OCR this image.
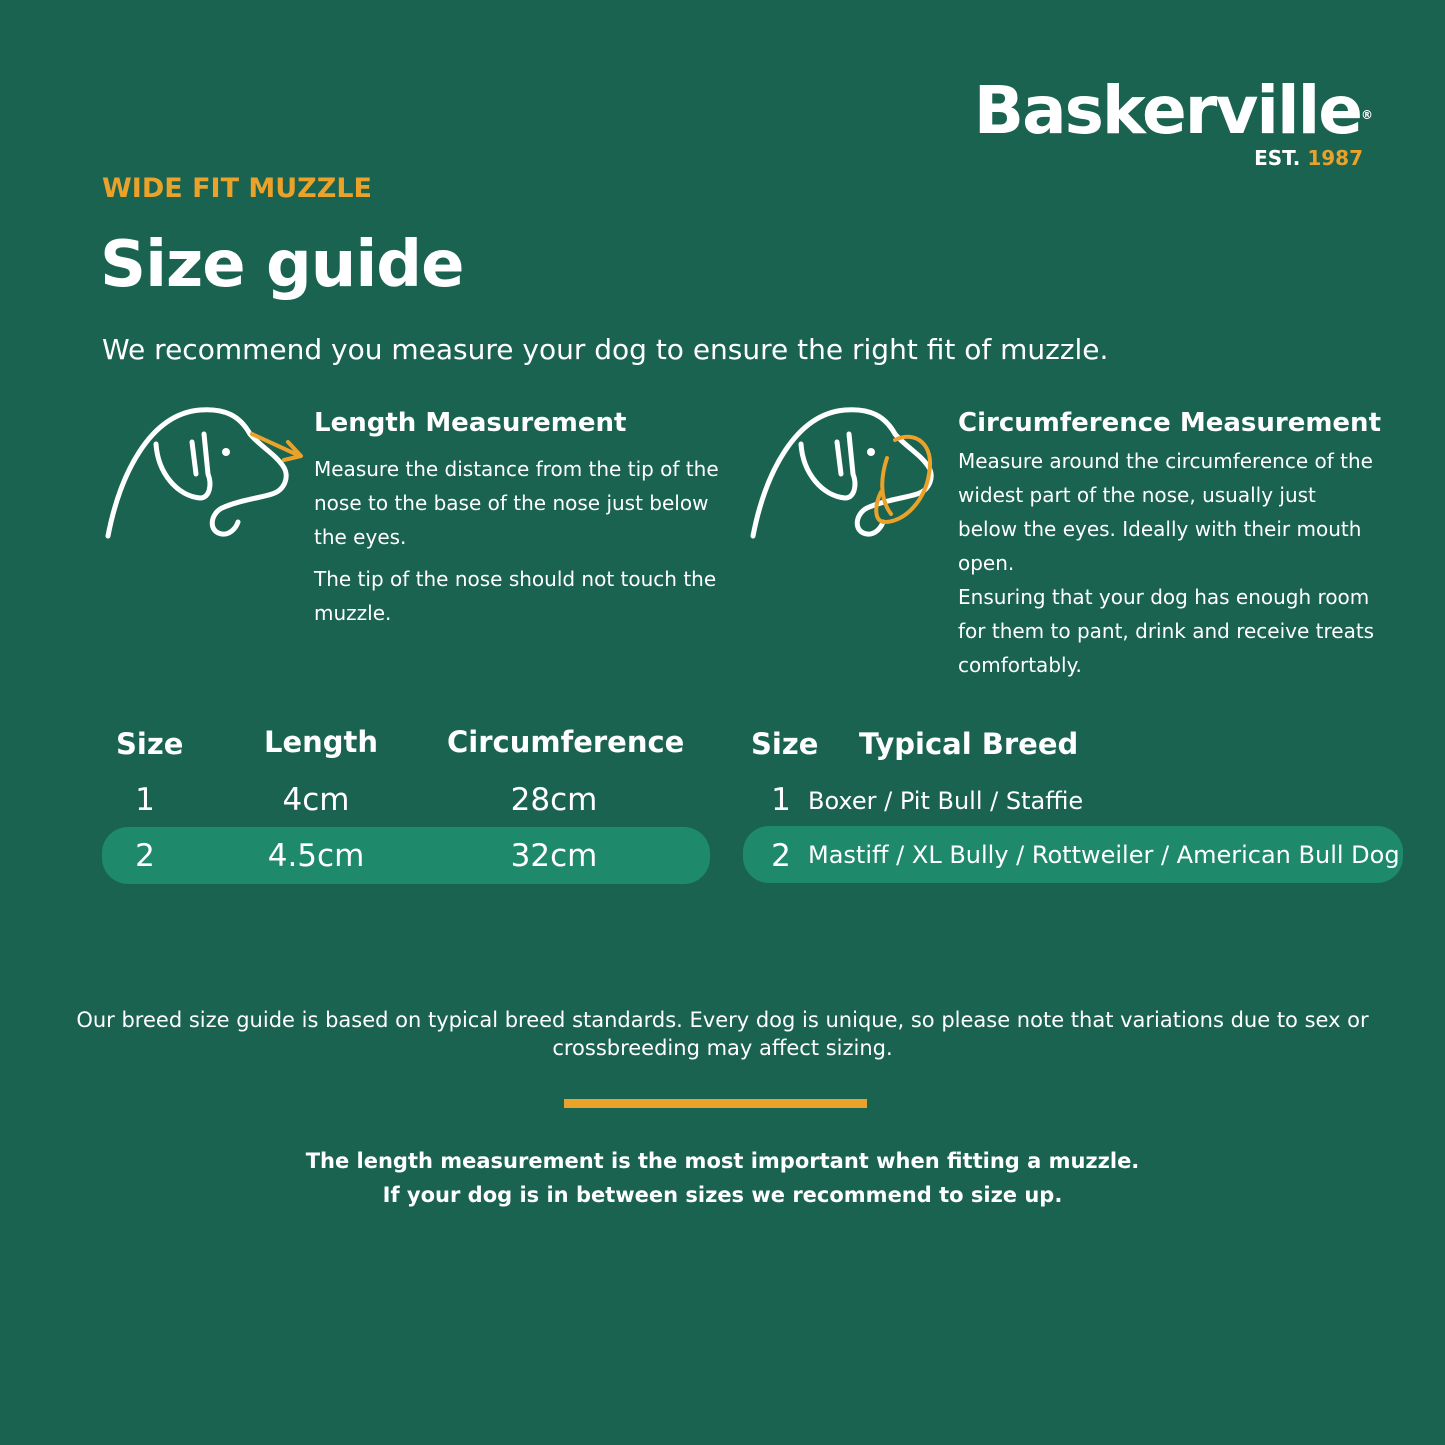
Baskerville ®
EST. 1987
WIDE FIT MUZZLE
Size guide
We recommend you measure your dog to ensure the right fit of muzzle.
Length Measurement

Measure the distance from the tip of the nose to the base of the nose just below the eyes.

The tip of the nose should not touch the muzzle.

Circumference Measurement

Measure around the circumference of the widest part of the nose, usually just below the eyes. Ideally with their mouth open.

Ensuring that your dog has enough room for them to pant, drink and receive treats comfortably.

Size	Length Circumference
1	4cm	28cm
2	4.5cm	32cm
Size Typical Breed
1 Boxer / Pit Bull / Staffie
2 Mastiff / XL Bully / Rottweiler / American Bull Dog
Our breed size guide is based on typical breed standards. Every dog is unique, so please note that variations due to sex or crossbreeding may affect sizing.
The length measurement is the most important when fitting a muzzle.
If your dog is in between sizes we recommend to size up.
